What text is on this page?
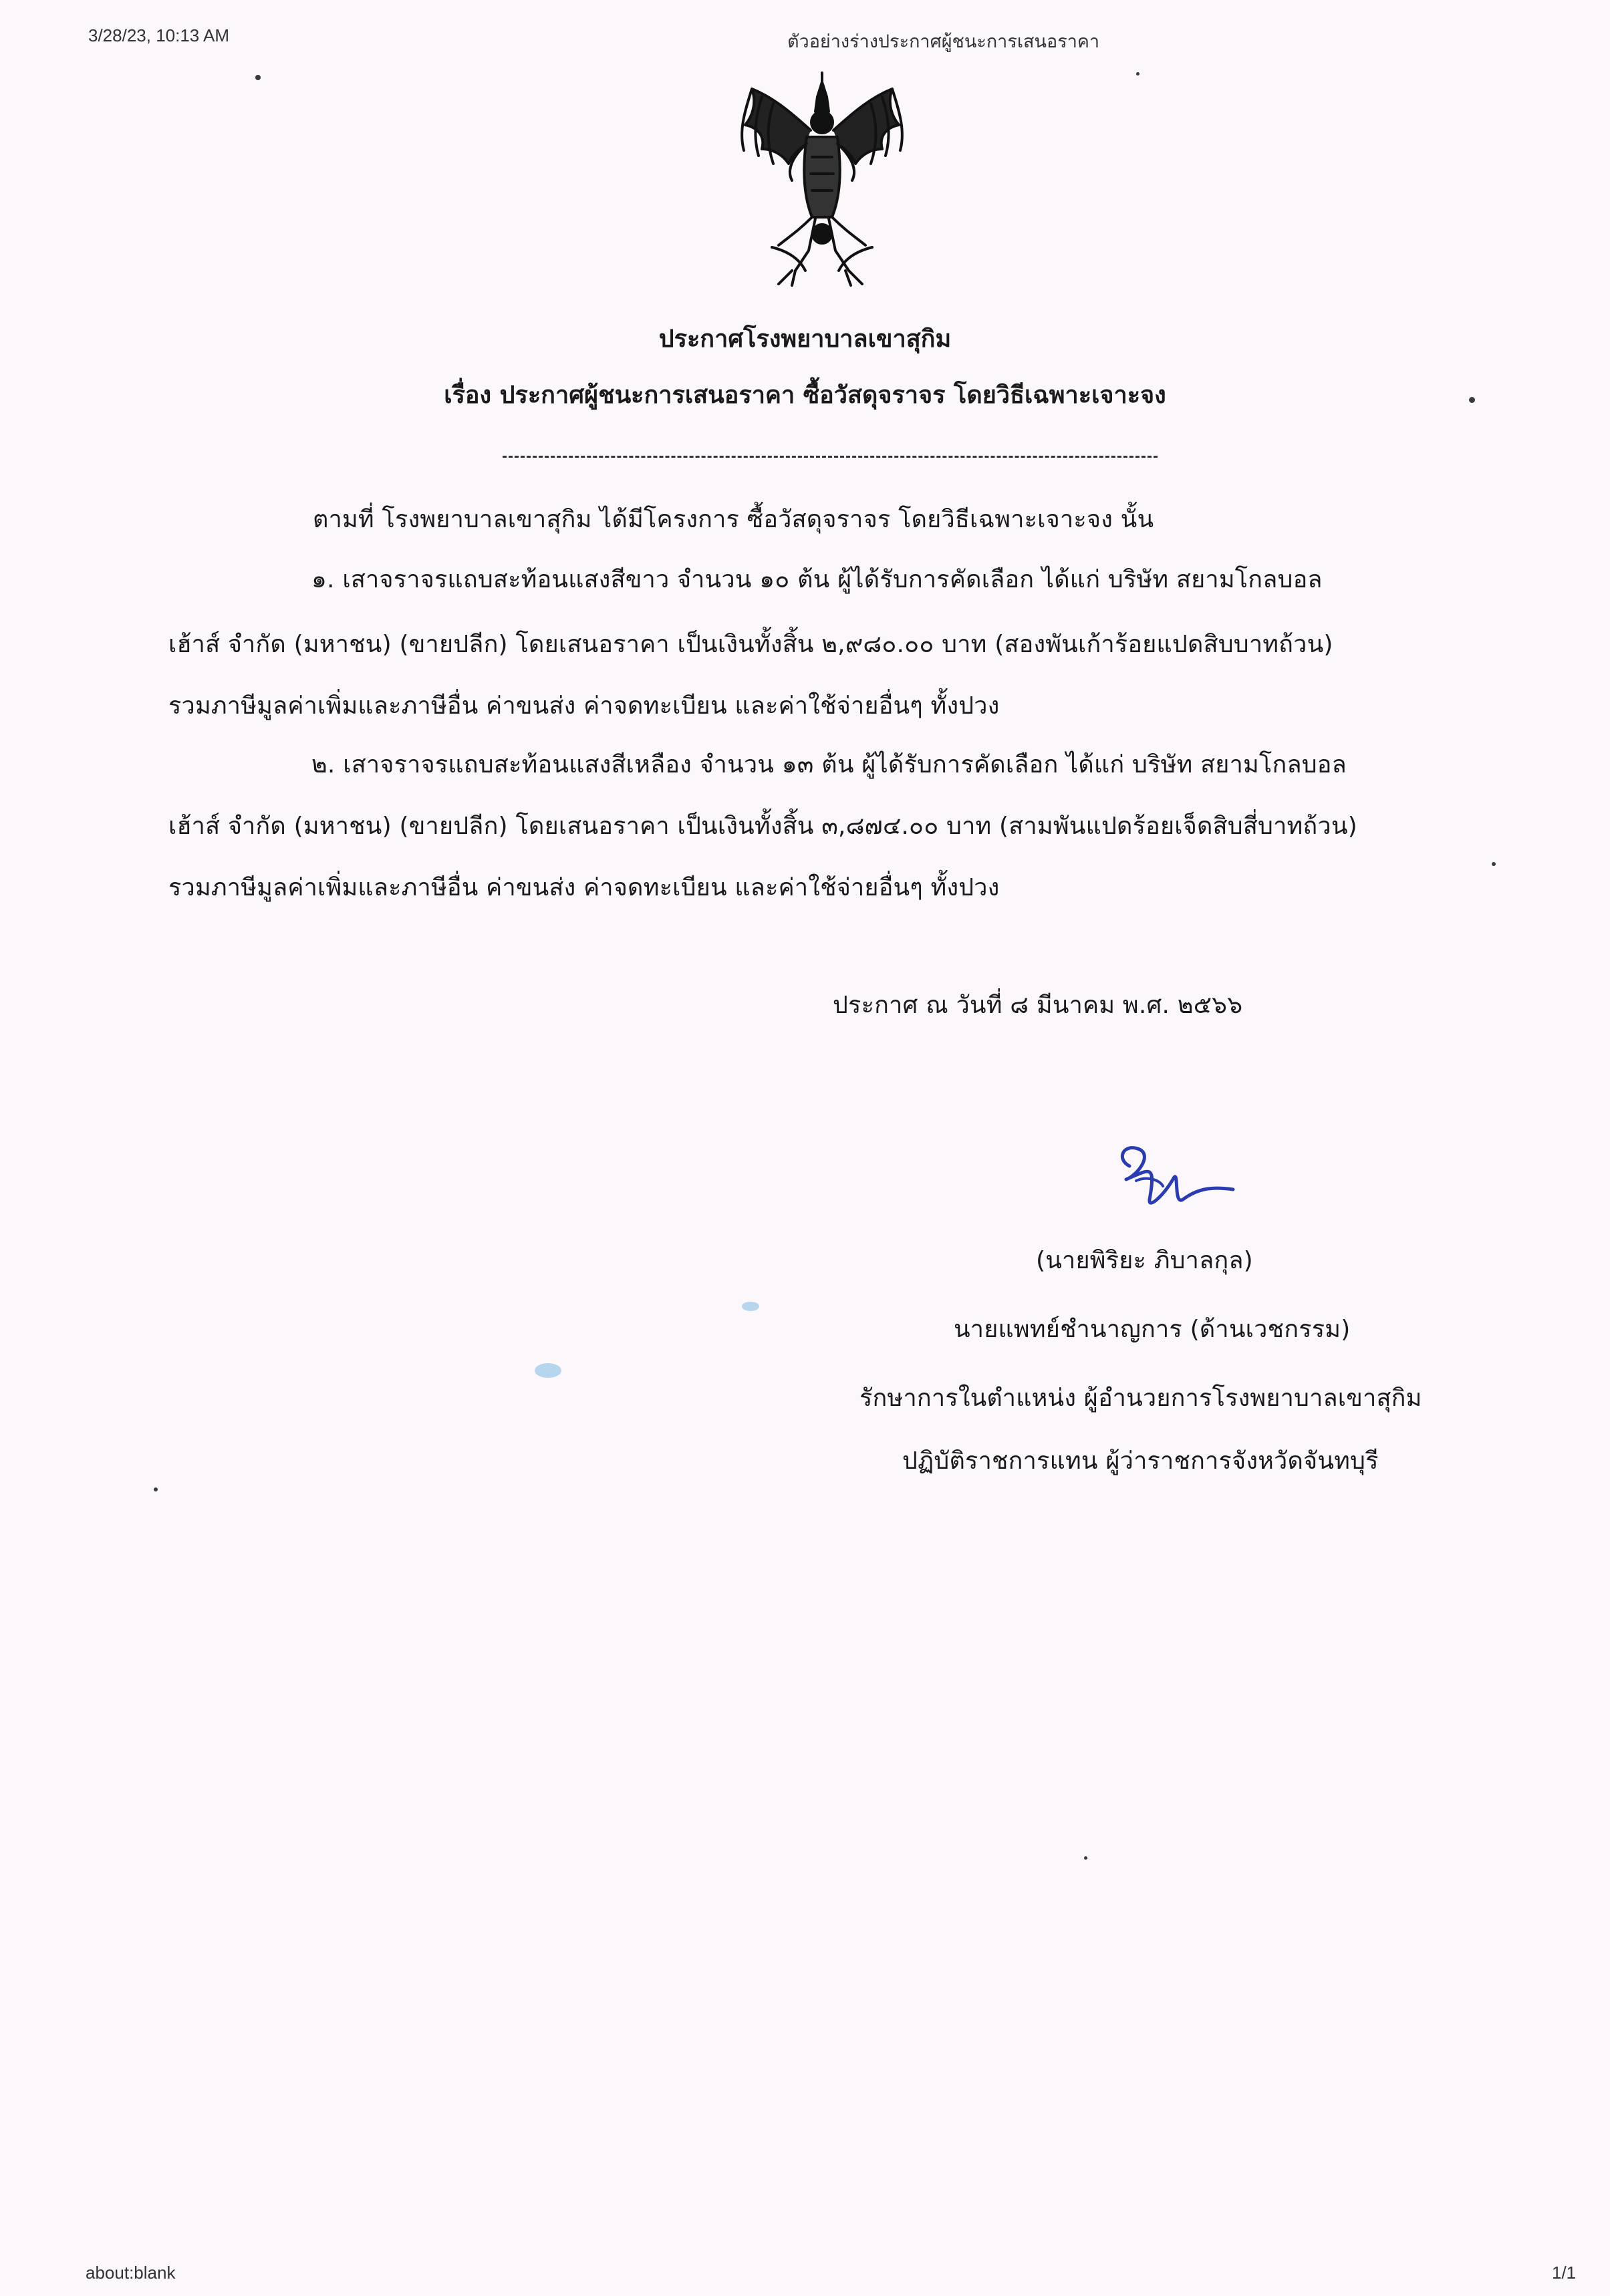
3/28/23, 10:13 AM	ตัวอย่างร่างประกาศผู้ชนะการเสนอราคา
ประกาศโรงพยาบาลเขาสุกิม
เรื่อง ประกาศผู้ชนะการเสนอราคา ซื้อวัสดุจราจร โดยวิธีเฉพาะเจาะจง
ตามที่ โรงพยาบาลเขาสุกิม ได้มีโครงการ ซื้อวัสดุจราจร โดยวิธีเฉพาะเจาะจง นั้น
๑. เสาจราจรแถบสะท้อนแสงสีขาว จำนวน ๑๐ ต้น ผู้ได้รับการคัดเลือก ได้แก่ บริษัท สยามโกลบอล
เฮ้าส์ จำกัด (มหาชน) (ขายปลีก) โดยเสนอราคา เป็นเงินทั้งสิ้น ๒,๙๘๐.๐๐ บาท (สองพันเก้าร้อยแปดสิบบาทถ้วน)
รวมภาษีมูลค่าเพิ่มและภาษีอื่น ค่าขนส่ง ค่าจดทะเบียน และค่าใช้จ่ายอื่นๆ ทั้งปวง
๒. เสาจราจรแถบสะท้อนแสงสีเหลือง จำนวน ๑๓ ต้น ผู้ได้รับการคัดเลือก ได้แก่ บริษัท สยามโกลบอล
เฮ้าส์ จำกัด (มหาชน) (ขายปลีก) โดยเสนอราคา เป็นเงินทั้งสิ้น ๓,๘๗๔.๐๐ บาท (สามพันแปดร้อยเจ็ดสิบสี่บาทถ้วน)
รวมภาษีมูลค่าเพิ่มและภาษีอื่น ค่าขนส่ง ค่าจดทะเบียน และค่าใช้จ่ายอื่นๆ ทั้งปวง
ประกาศ ณ วันที่ ๘ มีนาคม พ.ศ. ๒๕๖๖
(นายพิริยะ ภิบาลกุล)
นายแพทย์ชำนาญการ (ด้านเวชกรรม)
รักษาการในตำแหน่ง ผู้อำนวยการโรงพยาบาลเขาสุกิม
ปฏิบัติราชการแทน ผู้ว่าราชการจังหวัดจันทบุรี
about:blank	1/1
